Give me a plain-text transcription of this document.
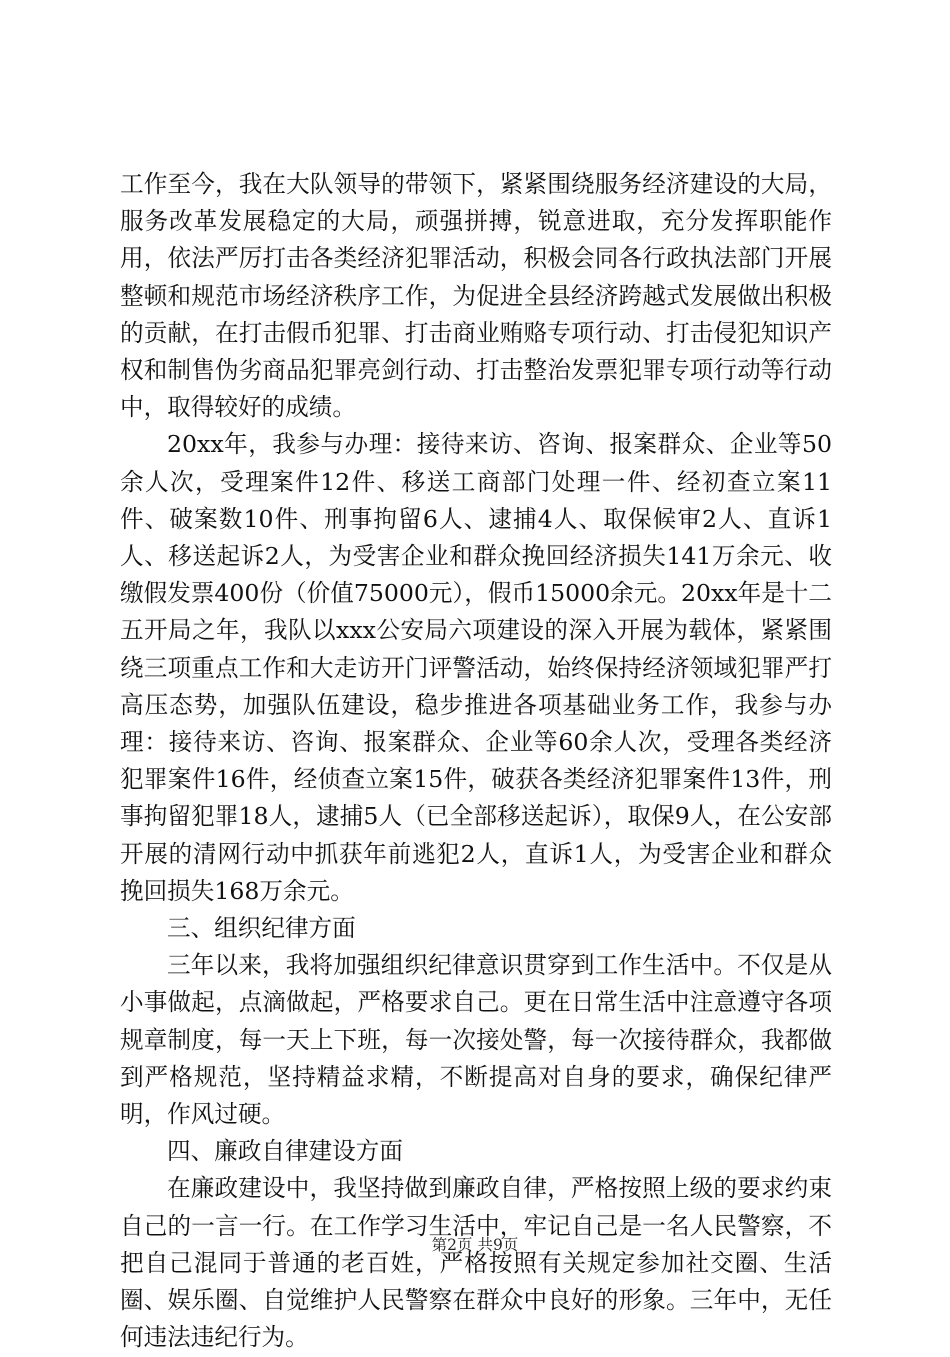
工作至今，我在大队领导的带领下，紧紧围绕服务经济建设的大局，服务改革发展稳定的大局，顽强拼搏，锐意进取，充分发挥职能作用，依法严厉打击各类经济犯罪活动，积极会同各行政执法部门开展整顿和规范市场经济秩序工作，为促进全县经济跨越式发展做出积极的贡献，在打击假币犯罪、打击商业贿赂专项行动、打击侵犯知识产权和制售伪劣商品犯罪亮剑行动、打击整治发票犯罪专项行动等行动中，取得较好的成绩。

20xx年，我参与办理：接待来访、咨询、报案群众、企业等50余人次，受理案件12件、移送工商部门处理一件、经初查立案11件、破案数10件、刑事拘留6人、逮捕4人、取保候审2人、直诉1人、移送起诉2人，为受害企业和群众挽回经济损失141万余元、收缴假发票400份（价值75000元），假币15000余元。20xx年是十二五开局之年，我队以xxx公安局六项建设的深入开展为载体，紧紧围绕三项重点工作和大走访开门评警活动，始终保持经济领域犯罪严打高压态势，加强队伍建设，稳步推进各项基础业务工作，我参与办理：接待来访、咨询、报案群众、企业等60余人次，受理各类经济犯罪案件16件，经侦查立案15件，破获各类经济犯罪案件13件，刑事拘留犯罪18人，逮捕5人（已全部移送起诉），取保9人，在公安部开展的清网行动中抓获年前逃犯2人，直诉1人，为受害企业和群众挽回损失168万余元。

三、组织纪律方面

三年以来，我将加强组织纪律意识贯穿到工作生活中。不仅是从小事做起，点滴做起，严格要求自己。更在日常生活中注意遵守各项规章制度，每一天上下班，每一次接处警，每一次接待群众，我都做到严格规范，坚持精益求精，不断提高对自身的要求，确保纪律严明，作风过硬。

四、廉政自律建设方面

在廉政建设中，我坚持做到廉政自律，严格按照上级的要求约束自己的一言一行。在工作学习生活中，牢记自己是一名人民警察，不把自己混同于普通的老百姓，严格按照有关规定参加社交圈、生活圈、娱乐圈、自觉维护人民警察在群众中良好的形象。三年中，无任何违法违纪行为。

第2页 共9页
